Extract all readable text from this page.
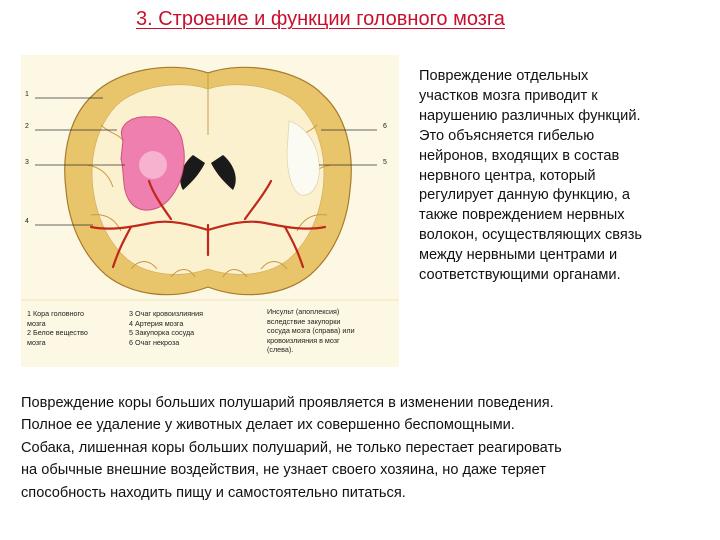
3. Строение и функции головного мозга
1
2
3
4
5
6
1 Кора головного
мозга
2 Белое вещество
мозга
3 Очаг кровоизлияния
4 Артерия мозга
5 Закупорка сосуда
6 Очаг некроза
Инсульт (апоплексия)
вследствие закупорки
сосуда мозга (справа) или
кровоизлияния в мозг
(слева).
Повреждение отдельных
участков мозга приводит к
нарушению различных функций.
Это объясняется гибелью
нейронов, входящих в состав
нервного центра, который
регулирует данную функцию, а
также повреждением нервных
волокон, осуществляющих связь
между нервными центрами и
соответствующими органами.
Повреждение коры больших полушарий проявляется в изменении поведения.
Полное ее удаление у животных делает их совершенно беспомощными.
Собака, лишенная коры больших полушарий, не только перестает реагировать
на обычные внешние воздействия, не узнает своего хозяина, но даже теряет
способность находить пищу и самостоятельно питаться.
